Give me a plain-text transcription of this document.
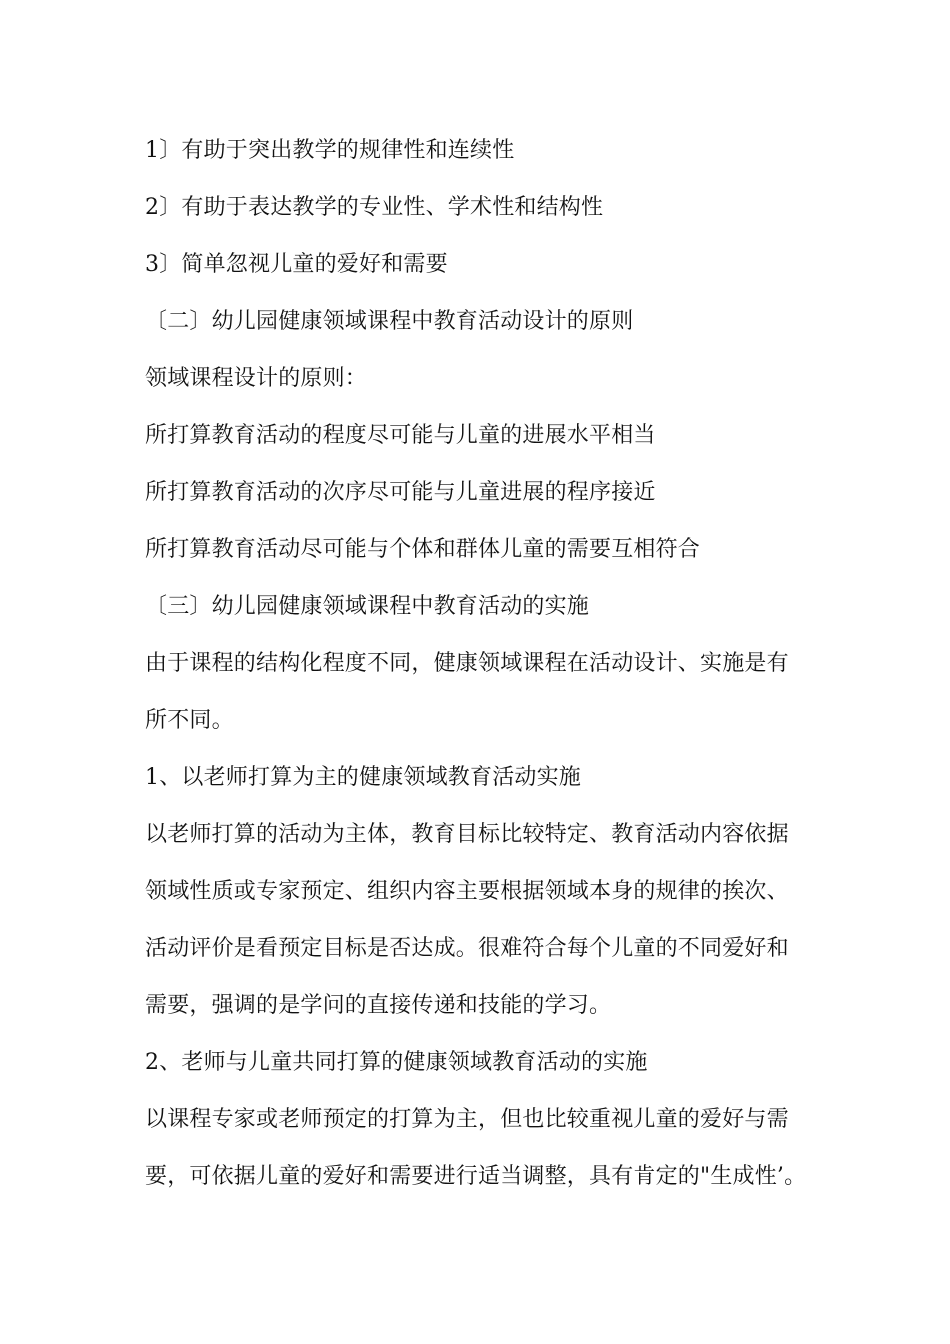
1〕有助于突出教学的规律性和连续性
2〕有助于表达教学的专业性、学术性和结构性
3〕简单忽视儿童的爱好和需要
〔二〕幼儿园健康领域课程中教育活动设计的原则
领域课程设计的原则：
所打算教育活动的程度尽可能与儿童的进展水平相当
所打算教育活动的次序尽可能与儿童进展的程序接近
所打算教育活动尽可能与个体和群体儿童的需要互相符合
〔三〕幼儿园健康领域课程中教育活动的实施
由于课程的结构化程度不同，健康领域课程在活动设计、实施是有
所不同。
1、以老师打算为主的健康领域教育活动实施
以老师打算的活动为主体，教育目标比较特定、教育活动内容依据
领域性质或专家预定、组织内容主要根据领域本身的规律的挨次、
活动评价是看预定目标是否达成。很难符合每个儿童的不同爱好和
需要，强调的是学问的直接传递和技能的学习。
2、老师与儿童共同打算的健康领域教育活动的实施
以课程专家或老师预定的打算为主，但也比较重视儿童的爱好与需
要，可依据儿童的爱好和需要进行适当调整，具有肯定的"生成性’。
